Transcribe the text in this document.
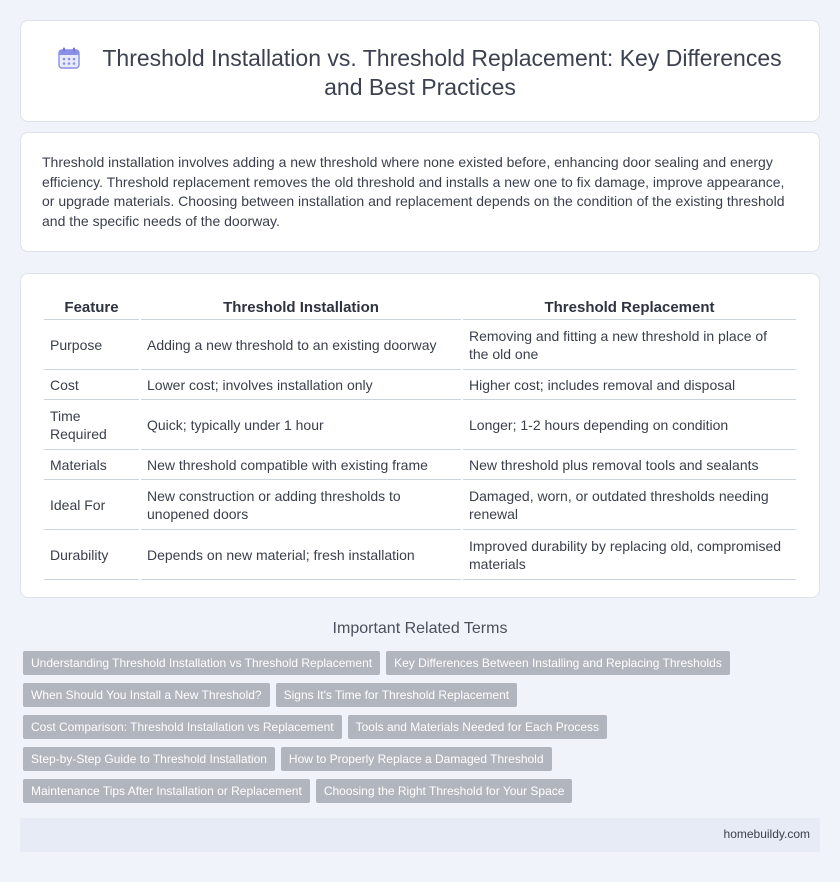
Threshold Installation vs. Threshold Replacement: Key Differences and Best Practices

Threshold installation involves adding a new threshold where none existed before, enhancing door sealing and energy efficiency. Threshold replacement removes the old threshold and installs a new one to fix damage, improve appearance, or upgrade materials. Choosing between installation and replacement depends on the condition of the existing threshold and the specific needs of the doorway.

Feature	Threshold Installation	Threshold Replacement
Purpose	Adding a new threshold to an existing doorway	Removing and fitting a new threshold in place of the old one
Cost	Lower cost; involves installation only	Higher cost; includes removal and disposal
Time Required	Quick; typically under 1 hour	Longer; 1-2 hours depending on condition
Materials	New threshold compatible with existing frame	New threshold plus removal tools and sealants
Ideal For	New construction or adding thresholds to unopened doors	Damaged, worn, or outdated thresholds needing renewal
Durability	Depends on new material; fresh installation	Improved durability by replacing old, compromised materials
Important Related Terms
Understanding Threshold Installation vs Threshold Replacement Key Differences Between Installing and Replacing Thresholds
When Should You Install a New Threshold? Signs It's Time for Threshold Replacement
Cost Comparison: Threshold Installation vs Replacement Tools and Materials Needed for Each Process
Step-by-Step Guide to Threshold Installation How to Properly Replace a Damaged Threshold
Maintenance Tips After Installation or Replacement Choosing the Right Threshold for Your Space
homebuildy.com
